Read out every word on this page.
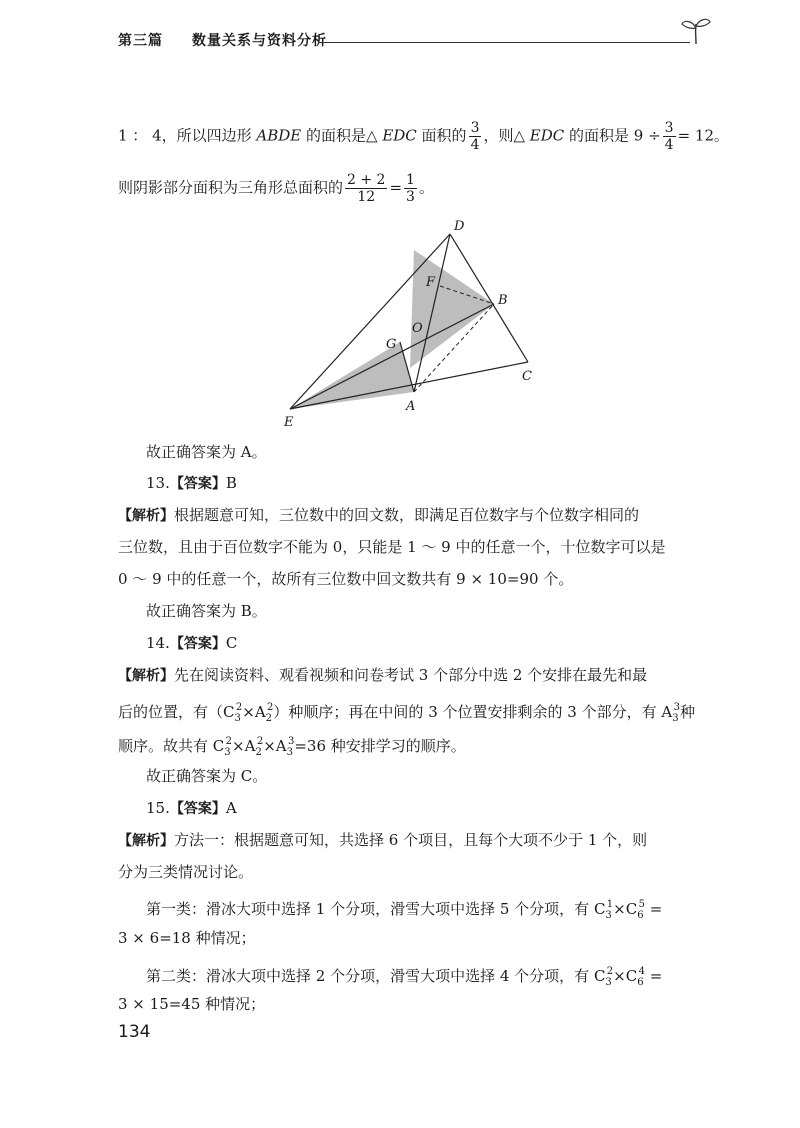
第三篇 数量关系与资料分析
1 ： 4，所以四边形 ABDE 的面积是△ EDC 面积的 $\frac{3}{4}$ ，则△ EDC 的面积是 $9 \div \frac{3}{4} = 12$。
则阴影部分面积为三角形总面积的 $\frac{2 + 2}{12} = \frac{1}{3}$ 。
D
F
B
O
G
A
C
E
故正确答案为 A。
13.【答案】B
【解析】根据题意可知，三位数中的回文数，即满足百位数字与个位数字相同的
三位数，且由于百位数字不能为 0，只能是 1 ～ 9 中的任意一个，十位数字可以是
0 ～ 9 中的任意一个，故所有三位数中回文数共有 9 × 10=90 个。
故正确答案为 B。
14.【答案】C
【解析】先在阅读资料、观看视频和问卷考试 3 个部分中选 2 个安排在最先和最
后的位置，有$(C_3^2\times A_2^2)$种顺序；再在中间的 3 个位置安排剩余的 3 个部分，有 $A_3^3$种
顺序。故共有 $C_3^2\times A_2^2\times A_3^3=36$ 种安排学习的顺序。
故正确答案为 C。
15.【答案】A
【解析】方法一：根据题意可知，共选择 6 个项目，且每个大项不少于 1 个，则
分为三类情况讨论。
第一类：滑冰大项中选择 1 个分项，滑雪大项中选择 5 个分项，有 $C_3^1\times C_6^5$ =
3 × 6=18 种情况；
第二类：滑冰大项中选择 2 个分项，滑雪大项中选择 4 个分项，有 $C_3^2\times C_6^4$ =
3 × 15=45 种情况；
134
